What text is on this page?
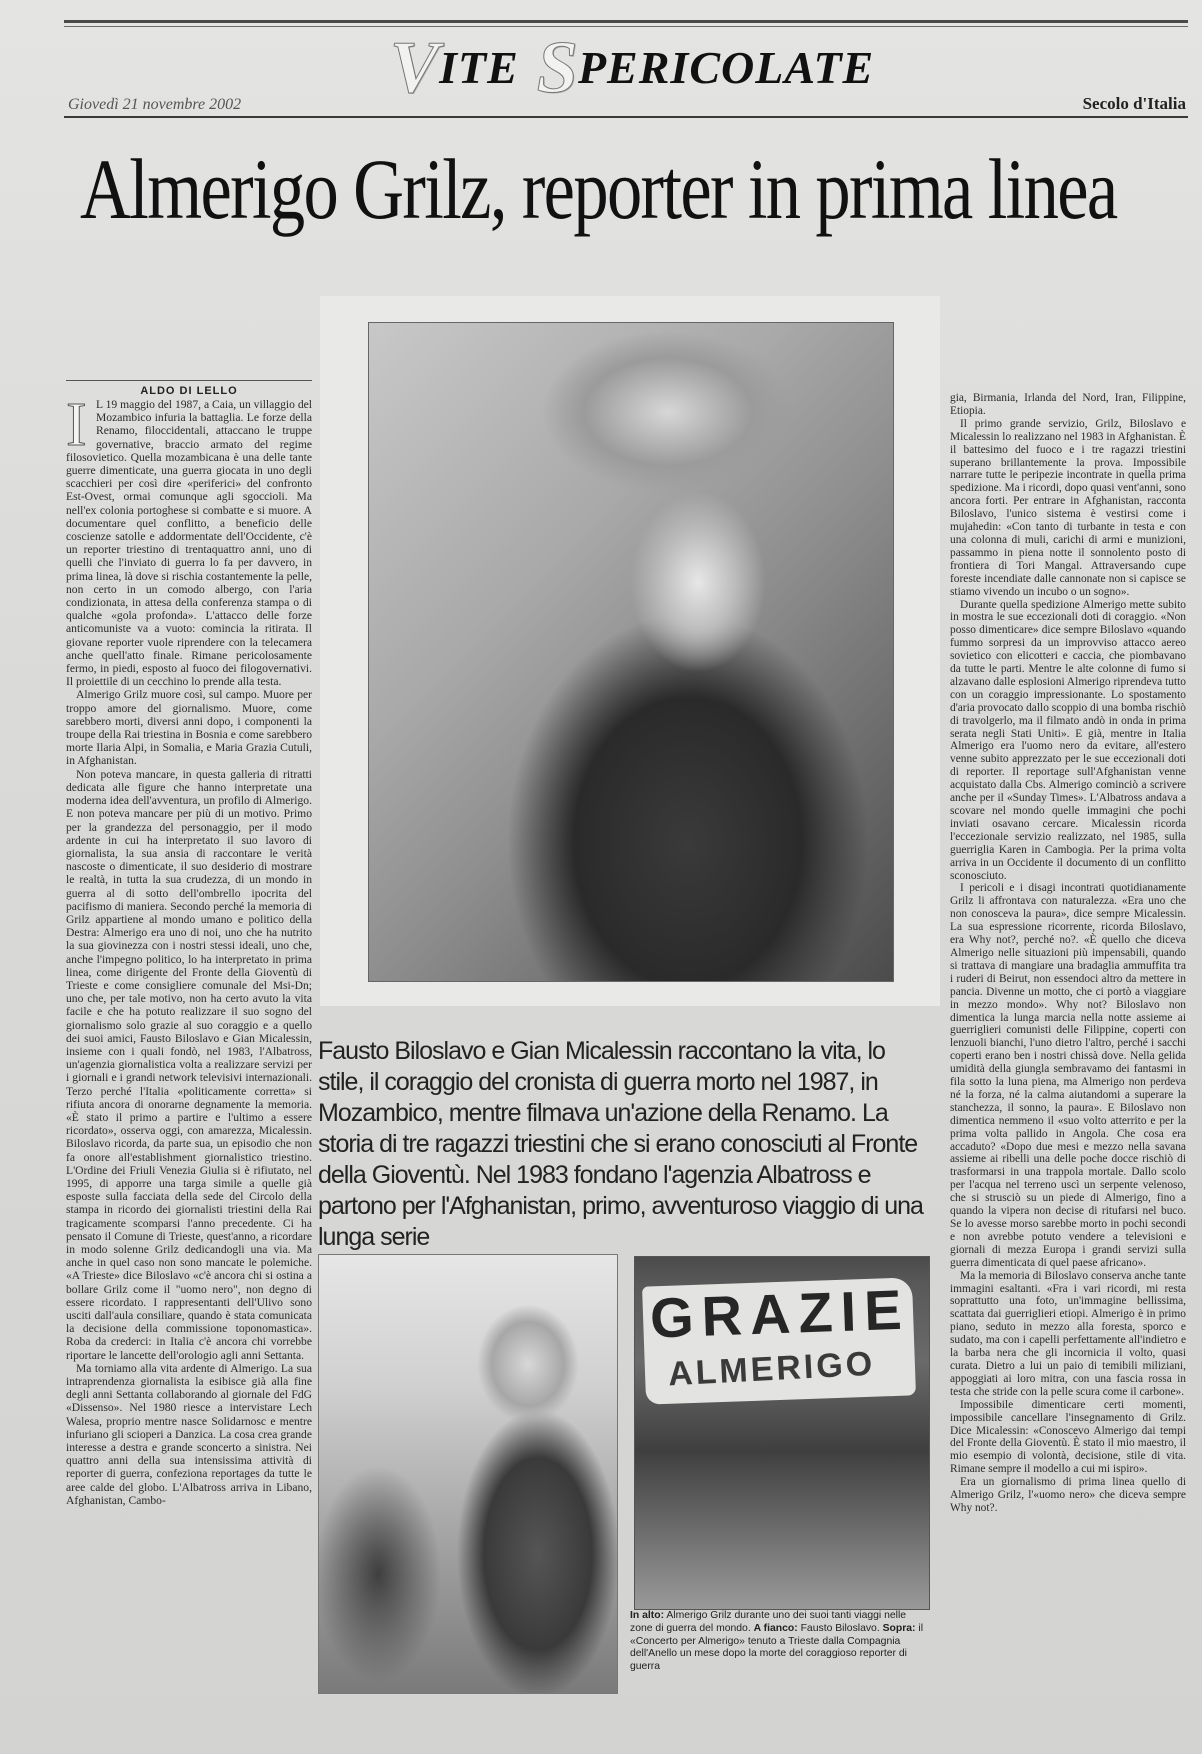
V ITE S PERICOLATE
Giovedì 21 novembre 2002	Secolo d'Italia
Almerigo Grilz, reporter in prima linea
ALDO DI LELLO
I L 19 maggio del 1987, a Caia, un villaggio del Mozambico infuria la battaglia. Le forze della Renamo, filoccidentali, attaccano le truppe governative, braccio armato del regime filosovietico. Quella mozambicana è una delle tante guerre dimenticate, una guerra giocata in uno degli scacchieri per così dire «periferici» del confronto Est-Ovest, ormai comunque agli sgoccioli. Ma nell'ex colonia portoghese si combatte e si muore. A documentare quel conflitto, a beneficio delle coscienze satolle e addormentate dell'Occidente, c'è un reporter triestino di trentaquattro anni, uno di quelli che l'inviato di guerra lo fa per davvero, in prima linea, là dove si rischia costantemente la pelle, non certo in un comodo albergo, con l'aria condizionata, in attesa della conferenza stampa o di qualche «gola profonda». L'attacco delle forze anticomuniste va a vuoto: comincia la ritirata. Il giovane reporter vuole riprendere con la telecamera anche quell'atto finale. Rimane pericolosamente fermo, in piedi, esposto al fuoco dei filogovernativi. Il proiettile di un cecchino lo prende alla testa.

Almerigo Grilz muore così, sul campo. Muore per troppo amore del giornalismo. Muore, come sarebbero morti, diversi anni dopo, i componenti la troupe della Rai triestina in Bosnia e come sarebbero morte Ilaria Alpi, in Somalia, e Maria Grazia Cutuli, in Afghanistan.

Non poteva mancare, in questa galleria di ritratti dedicata alle figure che hanno interpretate una moderna idea dell'avventura, un profilo di Almerigo. E non poteva mancare per più di un motivo. Primo per la grandezza del personaggio, per il modo ardente in cui ha interpretato il suo lavoro di giornalista, la sua ansia di raccontare le verità nascoste o dimenticate, il suo desiderio di mostrare le realtà, in tutta la sua crudezza, di un mondo in guerra al di sotto dell'ombrello ipocrita del pacifismo di maniera. Secondo perché la memoria di Grilz appartiene al mondo umano e politico della Destra: Almerigo era uno di noi, uno che ha nutrito la sua giovinezza con i nostri stessi ideali, uno che, anche l'impegno politico, lo ha interpretato in prima linea, come dirigente del Fronte della Gioventù di Trieste e come consigliere comunale del Msi-Dn; uno che, per tale motivo, non ha certo avuto la vita facile e che ha potuto realizzare il suo sogno del giornalismo solo grazie al suo coraggio e a quello dei suoi amici, Fausto Biloslavo e Gian Micalessin, insieme con i quali fondò, nel 1983, l'Albatross, un'agenzia giornalistica volta a realizzare servizi per i giornali e i grandi network televisivi internazionali. Terzo perché l'Italia «politicamente corretta» si rifiuta ancora di onorarne degnamente la memoria. «È stato il primo a partire e l'ultimo a essere ricordato», osserva oggi, con amarezza, Micalessin. Biloslavo ricorda, da parte sua, un episodio che non fa onore all'establishment giornalistico triestino. L'Ordine dei Friuli Venezia Giulia si è rifiutato, nel 1995, di apporre una targa simile a quelle già esposte sulla facciata della sede del Circolo della stampa in ricordo dei giornalisti triestini della Rai tragicamente scomparsi l'anno precedente. Ci ha pensato il Comune di Trieste, quest'anno, a ricordare in modo solenne Grilz dedicandogli una via. Ma anche in quel caso non sono mancate le polemiche. «A Trieste» dice Biloslavo «c'è ancora chi si ostina a bollare Grilz come il "uomo nero", non degno di essere ricordato. I rappresentanti dell'Ulivo sono usciti dall'aula consiliare, quando è stata comunicata la decisione della commissione toponomastica». Roba da crederci: in Italia c'è ancora chi vorrebbe riportare le lancette dell'orologio agli anni Settanta.

Ma torniamo alla vita ardente di Almerigo. La sua intraprendenza giornalista la esibisce già alla fine degli anni Settanta collaborando al giornale del FdG «Dissenso». Nel 1980 riesce a intervistare Lech Walesa, proprio mentre nasce Solidarnosc e mentre infuriano gli scioperi a Danzica. La cosa crea grande interesse a destra e grande sconcerto a sinistra. Nei quattro anni della sua intensissima attività di reporter di guerra, confeziona reportages da tutte le aree calde del globo. L'Albatross arriva in Libano, Afghanistan, Cambo-

Fausto Biloslavo e Gian Micalessin raccontano la vita, lo stile, il coraggio del cronista di guerra morto nel 1987, in Mozambico, mentre filmava un'azione della Renamo. La storia di tre ragazzi triestini che si erano conosciuti al Fronte della Gioventù. Nel 1983 fondano l'agenzia Albatross e partono per l'Afghanistan, primo, avventuroso viaggio di una lunga serie
GRAZIE
ALMERIGO
In alto: Almerigo Grilz durante uno dei suoi tanti viaggi nelle zone di guerra del mondo. A fianco: Fausto Biloslavo. Sopra: il «Concerto per Almerigo» tenuto a Trieste dalla Compagnia dell'Anello un mese dopo la morte del coraggioso reporter di guerra

gia, Birmania, Irlanda del Nord, Iran, Filippine, Etiopia.

Il primo grande servizio, Grilz, Biloslavo e Micalessin lo realizzano nel 1983 in Afghanistan. È il battesimo del fuoco e i tre ragazzi triestini superano brillantemente la prova. Impossibile narrare tutte le peripezie incontrate in quella prima spedizione. Ma i ricordi, dopo quasi vent'anni, sono ancora forti. Per entrare in Afghanistan, racconta Biloslavo, l'unico sistema è vestirsi come i mujahedin: «Con tanto di turbante in testa e con una colonna di muli, carichi di armi e munizioni, passammo in piena notte il sonnolento posto di frontiera di Tori Mangal. Attraversando cupe foreste incendiate dalle cannonate non si capisce se stiamo vivendo un incubo o un sogno».

Durante quella spedizione Almerigo mette subito in mostra le sue eccezionali doti di coraggio. «Non posso dimenticare» dice sempre Biloslavo «quando fummo sorpresi da un improvviso attacco aereo sovietico con elicotteri e caccia, che piombavano da tutte le parti. Mentre le alte colonne di fumo si alzavano dalle esplosioni Almerigo riprendeva tutto con un coraggio impressionante. Lo spostamento d'aria provocato dallo scoppio di una bomba rischiò di travolgerlo, ma il filmato andò in onda in prima serata negli Stati Uniti». E già, mentre in Italia Almerigo era l'uomo nero da evitare, all'estero venne subito apprezzato per le sue eccezionali doti di reporter. Il reportage sull'Afghanistan venne acquistato dalla Cbs. Almerigo cominciò a scrivere anche per il «Sunday Times». L'Albatross andava a scovare nel mondo quelle immagini che pochi inviati osavano cercare. Micalessin ricorda l'eccezionale servizio realizzato, nel 1985, sulla guerriglia Karen in Cambogia. Per la prima volta arriva in un Occidente il documento di un conflitto sconosciuto.

I pericoli e i disagi incontrati quotidianamente Grilz li affrontava con naturalezza. «Era uno che non conosceva la paura», dice sempre Micalessin. La sua espressione ricorrente, ricorda Biloslavo, era Why not?, perché no?. «È quello che diceva Almerigo nelle situazioni più impensabili, quando si trattava di mangiare una bradaglia ammuffita tra i ruderi di Beirut, non essendoci altro da mettere in pancia. Divenne un motto, che ci portò a viaggiare in mezzo mondo». Why not? Biloslavo non dimentica la lunga marcia nella notte assieme ai guerriglieri comunisti delle Filippine, coperti con lenzuoli bianchi, l'uno dietro l'altro, perché i sacchi coperti erano ben i nostri chissà dove. Nella gelida umidità della giungla sembravamo dei fantasmi in fila sotto la luna piena, ma Almerigo non perdeva né la forza, né la calma aiutandomi a superare la stanchezza, il sonno, la paura». E Biloslavo non dimentica nemmeno il «suo volto atterrito e per la prima volta pallido in Angola. Che cosa era accaduto? «Dopo due mesi e mezzo nella savana assieme ai ribelli una delle poche docce rischiò di trasformarsi in una trappola mortale. Dallo scolo per l'acqua nel terreno uscì un serpente velenoso, che si strusciò su un piede di Almerigo, fino a quando la vipera non decise di ritufarsi nel buco. Se lo avesse morso sarebbe morto in pochi secondi e non avrebbe potuto vendere a televisioni e giornali di mezza Europa i grandi servizi sulla guerra dimenticata di quel paese africano».

Ma la memoria di Biloslavo conserva anche tante immagini esaltanti. «Fra i vari ricordi, mi resta soprattutto una foto, un'immagine bellissima, scattata dai guerriglieri etiopi. Almerigo è in primo piano, seduto in mezzo alla foresta, sporco e sudato, ma con i capelli perfettamente all'indietro e la barba nera che gli incornicia il volto, quasi curata. Dietro a lui un paio di temibili miliziani, appoggiati ai loro mitra, con una fascia rossa in testa che stride con la pelle scura come il carbone».

Impossibile dimenticare certi momenti, impossibile cancellare l'insegnamento di Grilz. Dice Micalessin: «Conoscevo Almerigo dai tempi del Fronte della Gioventù. È stato il mio maestro, il mio esempio di volontà, decisione, stile di vita. Rimane sempre il modello a cui mi ispiro».

Era un giornalismo di prima linea quello di Almerigo Grilz, l'«uomo nero» che diceva sempre Why not?.
